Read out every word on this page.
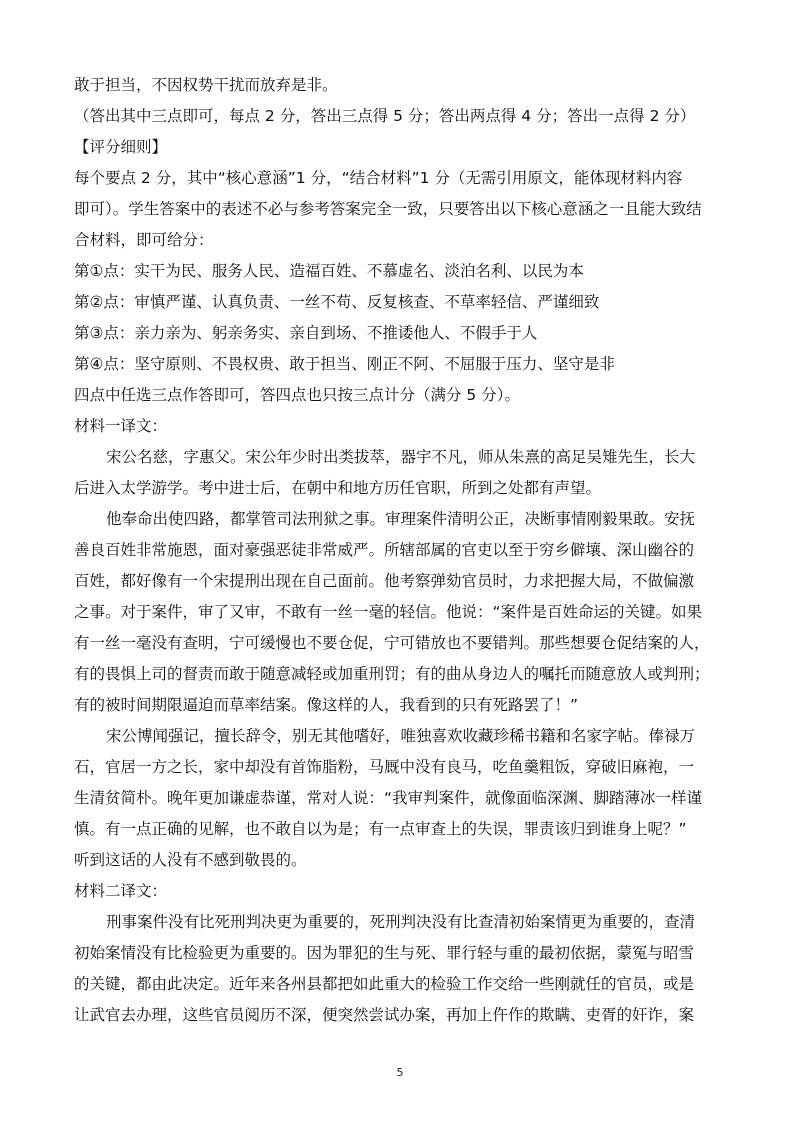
敢于担当，不因权势干扰而放弃是非。
（答出其中三点即可，每点 2 分，答出三点得 5 分；答出两点得 4 分；答出一点得 2 分）
【评分细则】
每个要点 2 分，其中“核心意涵”1 分，“结合材料”1 分（无需引用原文，能体现材料内容
即可）。学生答案中的表述不必与参考答案完全一致，只要答出以下核心意涵之一且能大致结
合材料，即可给分：
第①点：实干为民、服务人民、造福百姓、不慕虚名、淡泊名利、以民为本
第②点：审慎严谨、认真负责、一丝不苟、反复核查、不草率轻信、严谨细致
第③点：亲力亲为、躬亲务实、亲自到场、不推诿他人、不假手于人
第④点：坚守原则、不畏权贵、敢于担当、刚正不阿、不屈服于压力、坚守是非
四点中任选三点作答即可，答四点也只按三点计分（满分 5 分）。
材料一译文：
宋公名慈，字惠父。宋公年少时出类拔萃，器宇不凡，师从朱熹的高足吴雉先生，长大
后进入太学游学。考中进士后，在朝中和地方历任官职，所到之处都有声望。
他奉命出使四路，都掌管司法刑狱之事。审理案件清明公正，决断事情刚毅果敢。安抚
善良百姓非常施恩，面对豪强恶徒非常威严。所辖部属的官吏以至于穷乡僻壤、深山幽谷的
百姓，都好像有一个宋提刑出现在自己面前。他考察弹劾官员时，力求把握大局，不做偏激
之事。对于案件，审了又审，不敢有一丝一毫的轻信。他说：“案件是百姓命运的关键。如果
有一丝一毫没有查明，宁可缓慢也不要仓促，宁可错放也不要错判。那些想要仓促结案的人，
有的畏惧上司的督责而敢于随意减轻或加重刑罚；有的曲从身边人的嘱托而随意放人或判刑；
有的被时间期限逼迫而草率结案。像这样的人，我看到的只有死路罢了！”
宋公博闻强记，擅长辞令，别无其他嗜好，唯独喜欢收藏珍稀书籍和名家字帖。俸禄万
石，官居一方之长，家中却没有首饰脂粉，马厩中没有良马，吃鱼羹粗饭，穿破旧麻袍，一
生清贫简朴。晚年更加谦虚恭谨，常对人说：“我审判案件，就像面临深渊、脚踏薄冰一样谨
慎。有一点正确的见解，也不敢自以为是；有一点审查上的失误，罪责该归到谁身上呢？”
听到这话的人没有不感到敬畏的。
材料二译文：
刑事案件没有比死刑判决更为重要的，死刑判决没有比查清初始案情更为重要的，查清
初始案情没有比检验更为重要的。因为罪犯的生与死、罪行轻与重的最初依据，蒙冤与昭雪
的关键，都由此决定。近年来各州县都把如此重大的检验工作交给一些刚就任的官员，或是
让武官去办理，这些官员阅历不深，便突然尝试办案，再加上仵作的欺瞒、吏胥的奸诈，案
5
